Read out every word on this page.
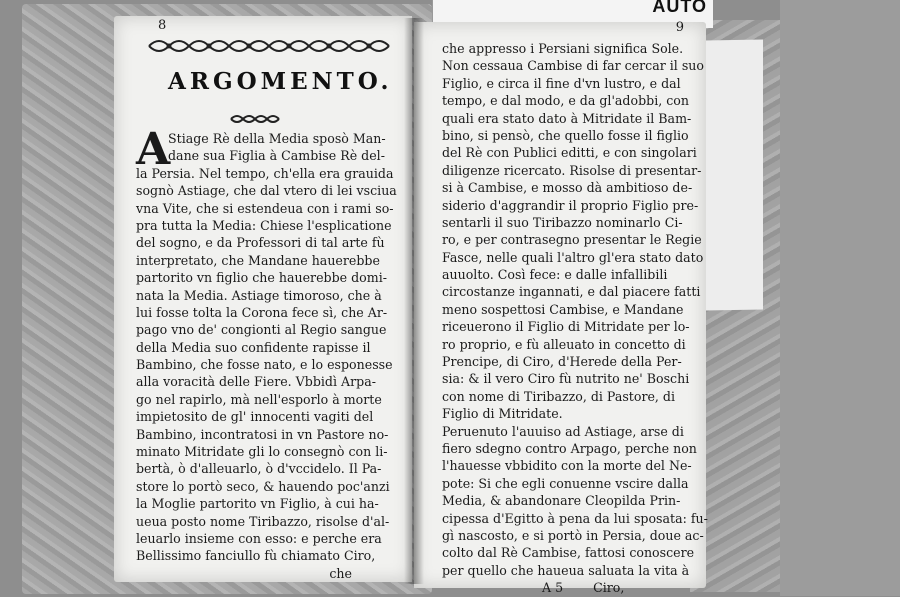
AUTO
8
ARGOMENTO.
A
Stiage Rè della Media sposò Man-
dane sua Figlia à Cambise Rè del-
la Persia. Nel tempo, ch'ella era grauida
sognò Astiage, che dal vtero di lei vsciua
vna Vite, che si estendeua con i rami so-
pra tutta la Media: Chiese l'esplicatione
del sogno, e da Professori di tal arte fù
interpretato, che Mandane hauerebbe
partorito vn figlio che hauerebbe domi-
nata la Media. Astiage timoroso, che à
lui fosse tolta la Corona fece sì, che Ar-
pago vno de' congionti al Regio sangue
della Media suo confidente rapisse il
Bambino, che fosse nato, e lo esponesse
alla voracità delle Fiere. Vbbidì Arpa-
go nel rapirlo, mà nell'esporlo à morte
impietosito de gl' innocenti vagiti del
Bambino, incontratosi in vn Pastore no-
minato Mitridate gli lo consegnò con li-
bertà, ò d'alleuarlo, ò d'vccidelo. Il Pa-
store lo portò seco, & hauendo poc'anzi
la Moglie partorito vn Figlio, à cui ha-
ueua posto nome Tiribazzo, risolse d'al-
leuarlo insieme con esso: e perche era
Bellissimo fanciullo fù chiamato Ciro,
che
9
che appresso i Persiani significa Sole.
Non cessaua Cambise di far cercar il suo
Figlio, e circa il fine d'vn lustro, e dal
tempo, e dal modo, e da gl'adobbi, con
quali era stato dato à Mitridate il Bam-
bino, si pensò, che quello fosse il figlio
del Rè con Publici editti, e con singolari
diligenze ricercato. Risolse di presentar-
si à Cambise, e mosso dà ambitioso de-
siderio d'aggrandir il proprio Figlio pre-
sentarli il suo Tiribazzo nominarlo Ci-
ro, e per contrasegno presentar le Regie
Fasce, nelle quali l'altro gl'era stato dato
auuolto. Così fece: e dalle infallibili
circostanze ingannati, e dal piacere fatti
meno sospettosi Cambise, e Mandane
riceuerono il Figlio di Mitridate per lo-
ro proprio, e fù alleuato in concetto di
Prencipe, di Ciro, d'Herede della Per-
sia: & il vero Ciro fù nutrito ne' Boschi
con nome di Tiribazzo, di Pastore, di
Figlio di Mitridate.
Peruenuto l'auuiso ad Astiage, arse di
fiero sdegno contro Arpago, perche non
l'hauesse vbbidito con la morte del Ne-
pote: Si che egli conuenne vscire dalla
Media, & abandonare Cleopilda Prin-
cipessa d'Egitto à pena da lui sposata: fu-
gì nascosto, e si portò in Persia, doue ac-
colto dal Rè Cambise, fattosi conoscere
per quello che haueua saluata la vita à
A 5 Ciro,
